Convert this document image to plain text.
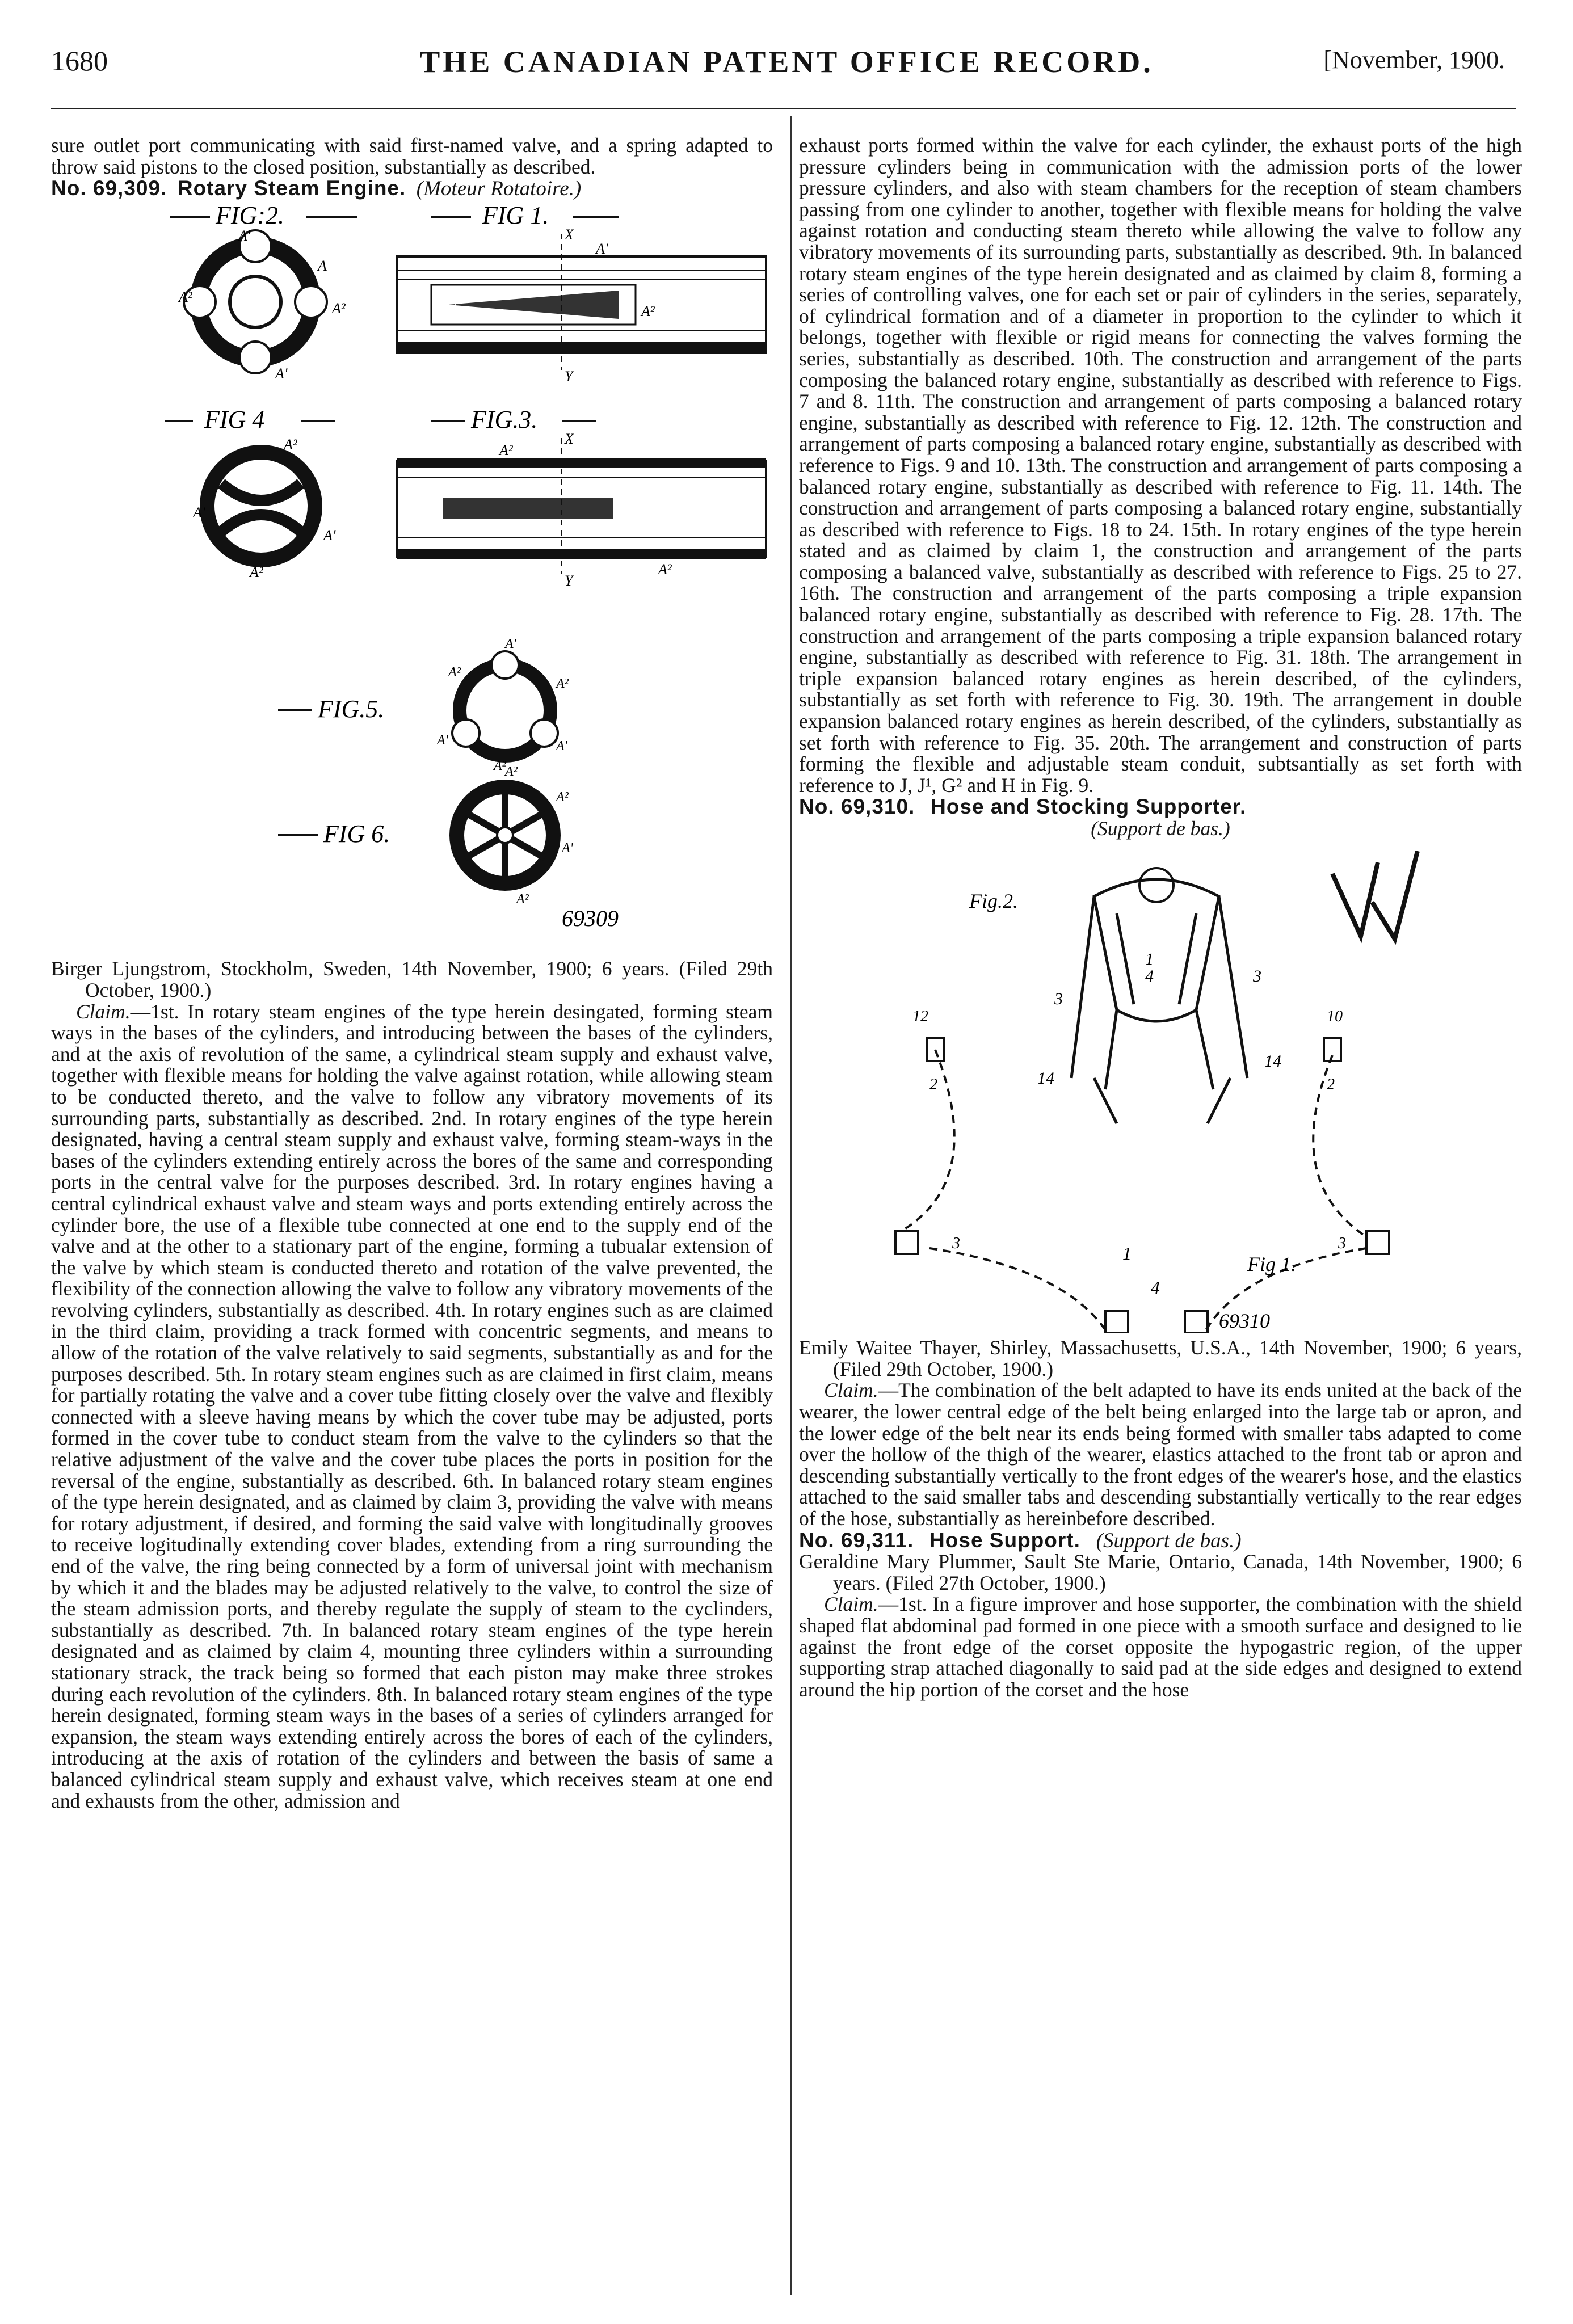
1680	THE CANADIAN PATENT OFFICE RECORD.	[November, 1900.

sure outlet port communicating with said first-named valve, and a spring adapted to throw said pistons to the closed position, substantially as described.

No. 69,309. Rotary Steam Engine. (Moteur Rotatoire.)

FIG:2.	FIG 1.
A'
A
A²
A²
A'
X
Y
A²	A²
A'
FIG 4	FIG.3.
A²
A'
A'
A²
X
Y
A²
A²
FIG.5.
A'
A²
A²
A'	A'
A²
FIG 6.
A²
A²
A'
A²
69309

Birger Ljungstrom, Stockholm, Sweden, 14th November, 1900; 6 years. (Filed 29th October, 1900.)

Claim.—1st. In rotary steam engines of the type herein desingated, forming steam ways in the bases of the cylinders, and introducing between the bases of the cylinders, and at the axis of revolution of the same, a cylindrical steam supply and exhaust valve, together with flexible means for holding the valve against rotation, while allowing steam to be conducted thereto, and the valve to follow any vibratory movements of its surrounding parts, substantially as described. 2nd. In rotary engines of the type herein designated, having a central steam supply and exhaust valve, forming steam-ways in the bases of the cylinders extending entirely across the bores of the same and corresponding ports in the central valve for the purposes described. 3rd. In rotary engines having a central cylindrical exhaust valve and steam ways and ports extending entirely across the cylinder bore, the use of a flexible tube connected at one end to the supply end of the valve and at the other to a stationary part of the engine, forming a tubualar extension of the valve by which steam is conducted thereto and rotation of the valve prevented, the flexibility of the connection allowing the valve to follow any vibratory movements of the revolving cylinders, substantially as described. 4th. In rotary engines such as are claimed in the third claim, providing a track formed with concentric segments, and means to allow of the rotation of the valve relatively to said segments, substantially as and for the purposes described. 5th. In rotary steam engines such as are claimed in first claim, means for partially rotating the valve and a cover tube fitting closely over the valve and flexibly connected with a sleeve having means by which the cover tube may be adjusted, ports formed in the cover tube to conduct steam from the valve to the cylinders so that the relative adjustment of the valve and the cover tube places the ports in position for the reversal of the engine, substantially as described. 6th. In balanced rotary steam engines of the type herein designated, and as claimed by claim 3, providing the valve with means for rotary adjustment, if desired, and forming the said valve with longitudinally grooves to receive logitudinally extending cover blades, extending from a ring surrounding the end of the valve, the ring being connected by a form of universal joint with mechanism by which it and the blades may be adjusted relatively to the valve, to control the size of the steam admission ports, and thereby regulate the supply of steam to the cyclinders, substantially as described. 7th. In balanced rotary steam engines of the type herein designated and as claimed by claim 4, mounting three cylinders within a surrounding stationary strack, the track being so formed that each piston may make three strokes during each revolution of the cylinders. 8th. In balanced rotary steam engines of the type herein designated, forming steam ways in the bases of a series of cylinders arranged for expansion, the steam ways extending entirely across the bores of each of the cylinders, introducing at the axis of rotation of the cylinders and between the basis of same a balanced cylindrical steam supply and exhaust valve, which receives steam at one end and exhausts from the other, admission and

exhaust ports formed within the valve for each cylinder, the exhaust ports of the high pressure cylinders being in communication with the admission ports of the lower pressure cylinders, and also with steam chambers for the reception of steam chambers passing from one cylinder to another, together with flexible means for holding the valve against rotation and conducting steam thereto while allowing the valve to follow any vibratory movements of its surrounding parts, substantially as described. 9th. In balanced rotary steam engines of the type herein designated and as claimed by claim 8, forming a series of controlling valves, one for each set or pair of cylinders in the series, separately, of cylindrical formation and of a diameter in proportion to the cylinder to which it belongs, together with flexible or rigid means for connecting the valves forming the series, substantially as described. 10th. The construction and arrangement of the parts composing the balanced rotary engine, substantially as described with reference to Figs. 7 and 8. 11th. The construction and arrangement of parts composing a balanced rotary engine, substantially as described with reference to Fig. 12. 12th. The construction and arrangement of parts composing a balanced rotary engine, substantially as described with reference to Figs. 9 and 10. 13th. The construction and arrangement of parts composing a balanced rotary engine, substantially as described with reference to Fig. 11. 14th. The construction and arrangement of parts composing a balanced rotary engine, substantially as described with reference to Figs. 18 to 24. 15th. In rotary engines of the type herein stated and as claimed by claim 1, the construction and arrangement of the parts composing a balanced valve, substantially as described with reference to Figs. 25 to 27. 16th. The construction and arrangement of the parts composing a triple expansion balanced rotary engine, substantially as described with reference to Fig. 28. 17th. The construction and arrangement of the parts composing a triple expansion balanced rotary engine, substantially as described with reference to Fig. 31. 18th. The arrangement in triple expansion balanced rotary engines as herein described, of the cylinders, substantially as set forth with reference to Fig. 30. 19th. The arrangement in double expansion balanced rotary engines as herein described, of the cylinders, substantially as set forth with reference to Fig. 35. 20th. The arrangement and construction of parts forming the flexible and adjustable steam conduit, subtsantially as set forth with reference to J, J¹, G² and H in Fig. 9.

No. 69,310. Hose and Stocking Supporter.

(Support de bas.)

Fig.2.
1
4
3
3
14
14
1
4
2	2
12	10
3	3
Fig 1.
69310

Emily Waitee Thayer, Shirley, Massachusetts, U.S.A., 14th November, 1900; 6 years, (Filed 29th October, 1900.)

Claim.—The combination of the belt adapted to have its ends united at the back of the wearer, the lower central edge of the belt being enlarged into the large tab or apron, and the lower edge of the belt near its ends being formed with smaller tabs adapted to come over the hollow of the thigh of the wearer, elastics attached to the front tab or apron and descending substantially vertically to the front edges of the wearer's hose, and the elastics attached to the said smaller tabs and descending substantially vertically to the rear edges of the hose, substantially as hereinbefore described.

No. 69,311. Hose Support. (Support de bas.)

Geraldine Mary Plummer, Sault Ste Marie, Ontario, Canada, 14th November, 1900; 6 years. (Filed 27th October, 1900.)

Claim.—1st. In a figure improver and hose supporter, the combination with the shield shaped flat abdominal pad formed in one piece with a smooth surface and designed to lie against the front edge of the corset opposite the hypogastric region, of the upper supporting strap attached diagonally to said pad at the side edges and designed to extend around the hip portion of the corset and the hose
